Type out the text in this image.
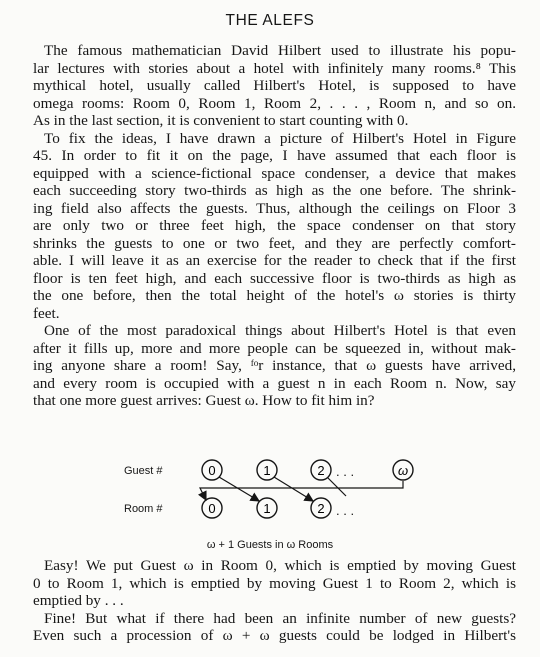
THE ALEFS
The famous mathematician David Hilbert used to illustrate his popu-
lar lectures with stories about a hotel with infinitely many rooms.⁸ This
mythical hotel, usually called Hilbert's Hotel, is supposed to have
omega rooms: Room 0, Room 1, Room 2, . . . , Room n, and so on.
As in the last section, it is convenient to start counting with 0.
To fix the ideas, I have drawn a picture of Hilbert's Hotel in Figure
45. In order to fit it on the page, I have assumed that each floor is
equipped with a science-fictional space condenser, a device that makes
each succeeding story two-thirds as high as the one before. The shrink-
ing field also affects the guests. Thus, although the ceilings on Floor 3
are only two or three feet high, the space condenser on that story
shrinks the guests to one or two feet, and they are perfectly comfort-
able. I will leave it as an exercise for the reader to check that if the first
floor is ten feet high, and each successive floor is two-thirds as high as
the one before, then the total height of the hotel's ω stories is thirty
feet.
One of the most paradoxical things about Hilbert's Hotel is that even
after it fills up, more and more people can be squeezed in, without mak-
ing anyone share a room! Say, ᶠᵒr instance, that ω guests have arrived,
and every room is occupied with a guest n in each Room n. Now, say
that one more guest arrives: Guest ω. How to fit him in?
Guest #
Room #
0	1	2 . . .	ω
0	1	2 . . .
ω + 1 Guests in ω Rooms
Easy! We put Guest ω in Room 0, which is emptied by moving Guest
0 to Room 1, which is emptied by moving Guest 1 to Room 2, which is
emptied by . . .
Fine! But what if there had been an infinite number of new guests?
Even such a procession of ω + ω guests could be lodged in Hilbert's
